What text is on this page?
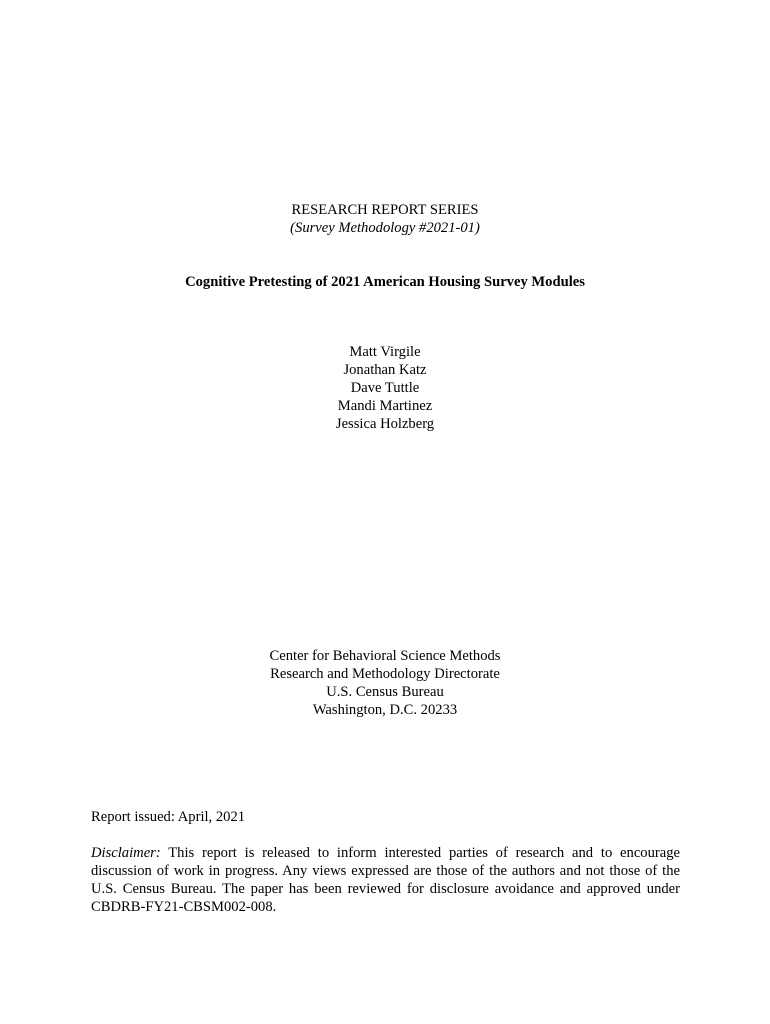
RESEARCH REPORT SERIES
(Survey Methodology #2021-01)
Cognitive Pretesting of 2021 American Housing Survey Modules
Matt Virgile
Jonathan Katz
Dave Tuttle
Mandi Martinez
Jessica Holzberg
Center for Behavioral Science Methods
Research and Methodology Directorate
U.S. Census Bureau
Washington, D.C. 20233
Report issued: April, 2021
Disclaimer: This report is released to inform interested parties of research and to encourage discussion of work in progress. Any views expressed are those of the authors and not those of the U.S. Census Bureau. The paper has been reviewed for disclosure avoidance and approved under CBDRB-FY21-CBSM002-008.
